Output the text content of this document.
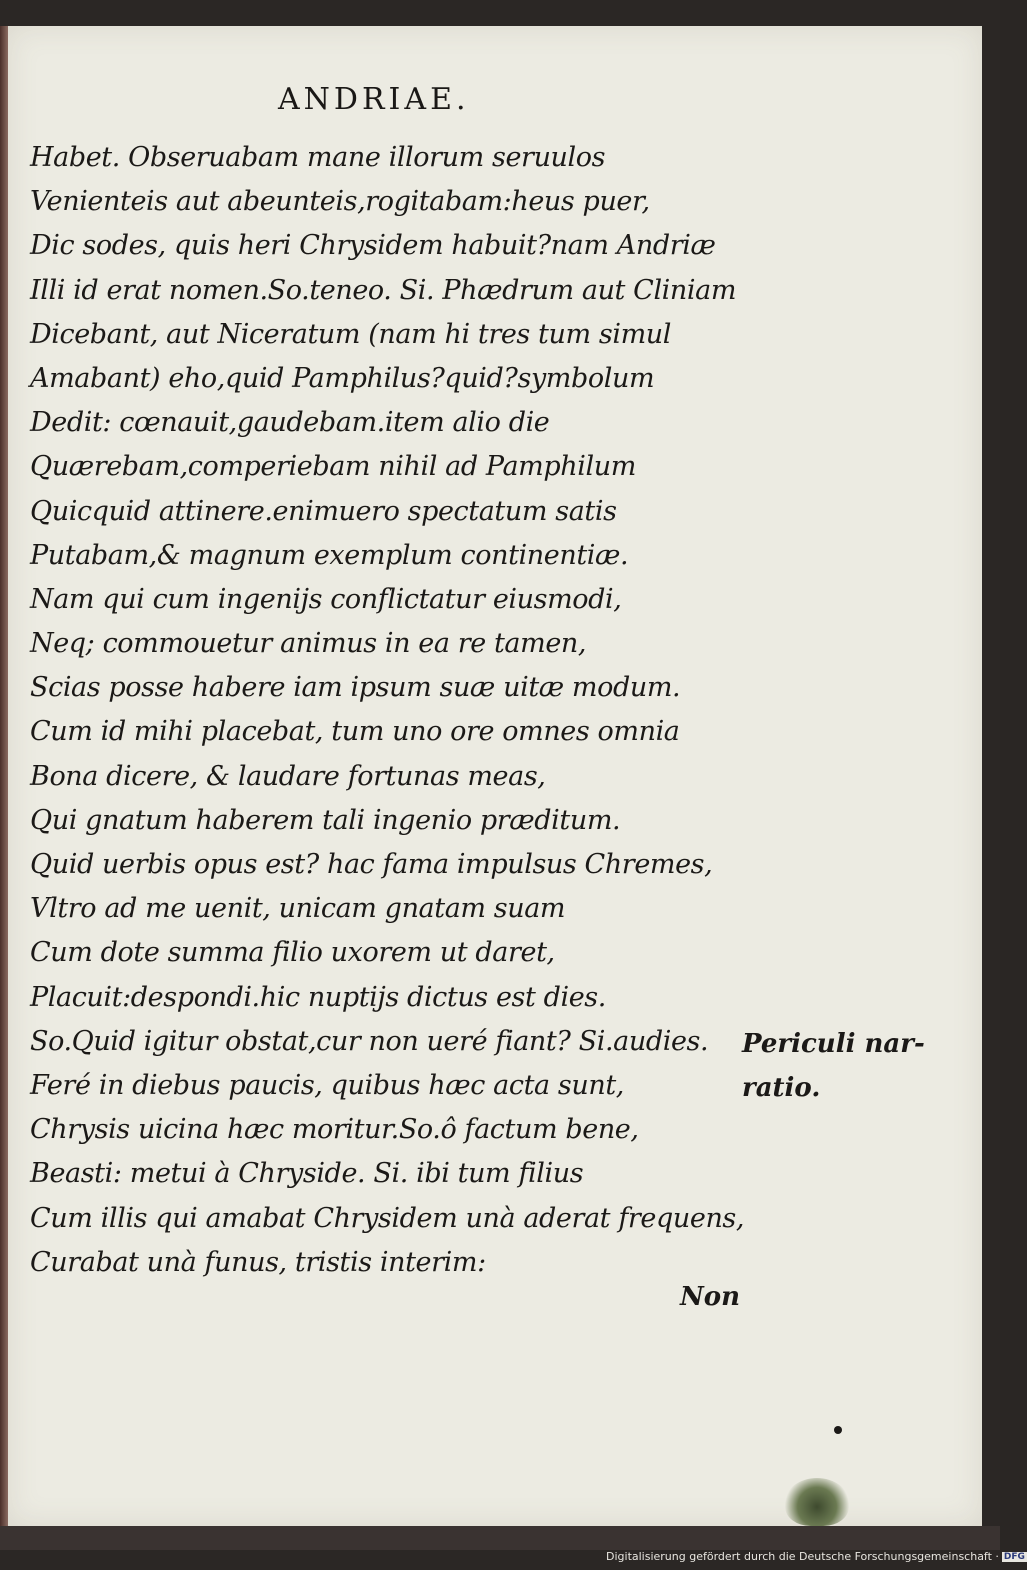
ANDRIAE.
Habet. Obseruabam mane illorum seruulos
Venienteis aut abeunteis,rogitabam:heus puer,
Dic sodes, quis heri Chrysidem habuit?nam Andriæ
Illi id erat nomen.So.teneo. Si. Phædrum aut Cliniam
Dicebant, aut Niceratum (nam hi tres tum simul
Amabant) eho,quid Pamphilus?quid?symbolum
Dedit: cœnauit,gaudebam.item alio die
Quærebam,comperiebam nihil ad Pamphilum
Quicquid attinere.enimuero spectatum satis
Putabam,& magnum exemplum continentiæ.
Nam qui cum ingenijs conflictatur eiusmodi,
Neq; commouetur animus in ea re tamen,
Scias posse habere iam ipsum suæ uitæ modum.
Cum id mihi placebat, tum uno ore omnes omnia
Bona dicere, & laudare fortunas meas,
Qui gnatum haberem tali ingenio præditum.
Quid uerbis opus est? hac fama impulsus Chremes,
Vltro ad me uenit, unicam gnatam suam
Cum dote summa filio uxorem ut daret,
Placuit:despondi.hic nuptijs dictus est dies.
So.Quid igitur obstat,cur non ueré fiant? Si.audies.
Feré in diebus paucis, quibus hæc acta sunt,
Chrysis uicina hæc moritur.So.ô factum bene,
Beasti: metui à Chryside. Si. ibi tum filius
Cum illis qui amabat Chrysidem unà aderat frequens,
Curabat unà funus, tristis interim:
Periculi nar-
ratio.
Non
Digitalisierung gefördert durch die Deutsche Forschungsgemeinschaft · DFG
